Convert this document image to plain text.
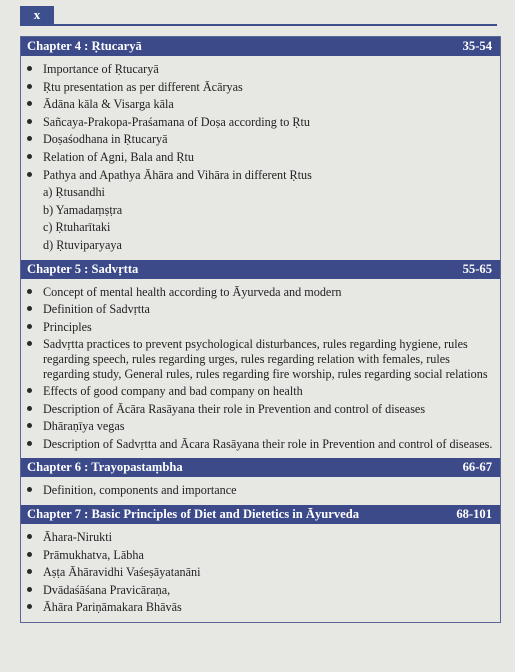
x
Chapter 4 : Ṛtucaryā	35-54
Importance of Ṛtucaryā
Ṛtu presentation as per different Ācāryas
Ādāna kāla & Visarga kāla
Sañcaya-Prakopa-Praśamana of Doṣa according to Ṛtu
Doṣaśodhana in Ṛtucaryā
Relation of Agni, Bala and Ṛtu
Pathya and Apathya Āhāra and Vihāra in different Ṛtus
a) Ṛtusandhi
b) Yamadaṃṣṭra
c) Ṛtuharītaki
d) Ṛtuviparyaya
Chapter 5 : Sadvṛtta	55-65
Concept of mental health according to Āyurveda and modern
Definition of Sadvṛtta
Principles
Sadvṛtta practices to prevent psychological disturbances, rules regarding hygiene, rules regarding speech, rules regarding urges, rules regarding relation with females, rules regarding study, General rules, rules regarding fire worship, rules regarding social relations
Effects of good company and bad company on health
Description of Ācāra Rasāyana their role in Prevention and control of diseases
Dhāraṇīya vegas
Description of Sadvṛtta and Ācara Rasāyana their role in Prevention and control of diseases.
Chapter 6 : Trayopastaṃbha	66-67
Definition, components and importance
Chapter 7 : Basic Principles of Diet and Dietetics in Āyurveda	68-101
Āhara-Nirukti
Prāmukhatva, Lābha
Aṣṭa Āhāravidhi Vaśeṣāyatanāni
Dvādaśāśana Pravicāraṇa,
Āhāra Pariṇāmakara Bhāvās
